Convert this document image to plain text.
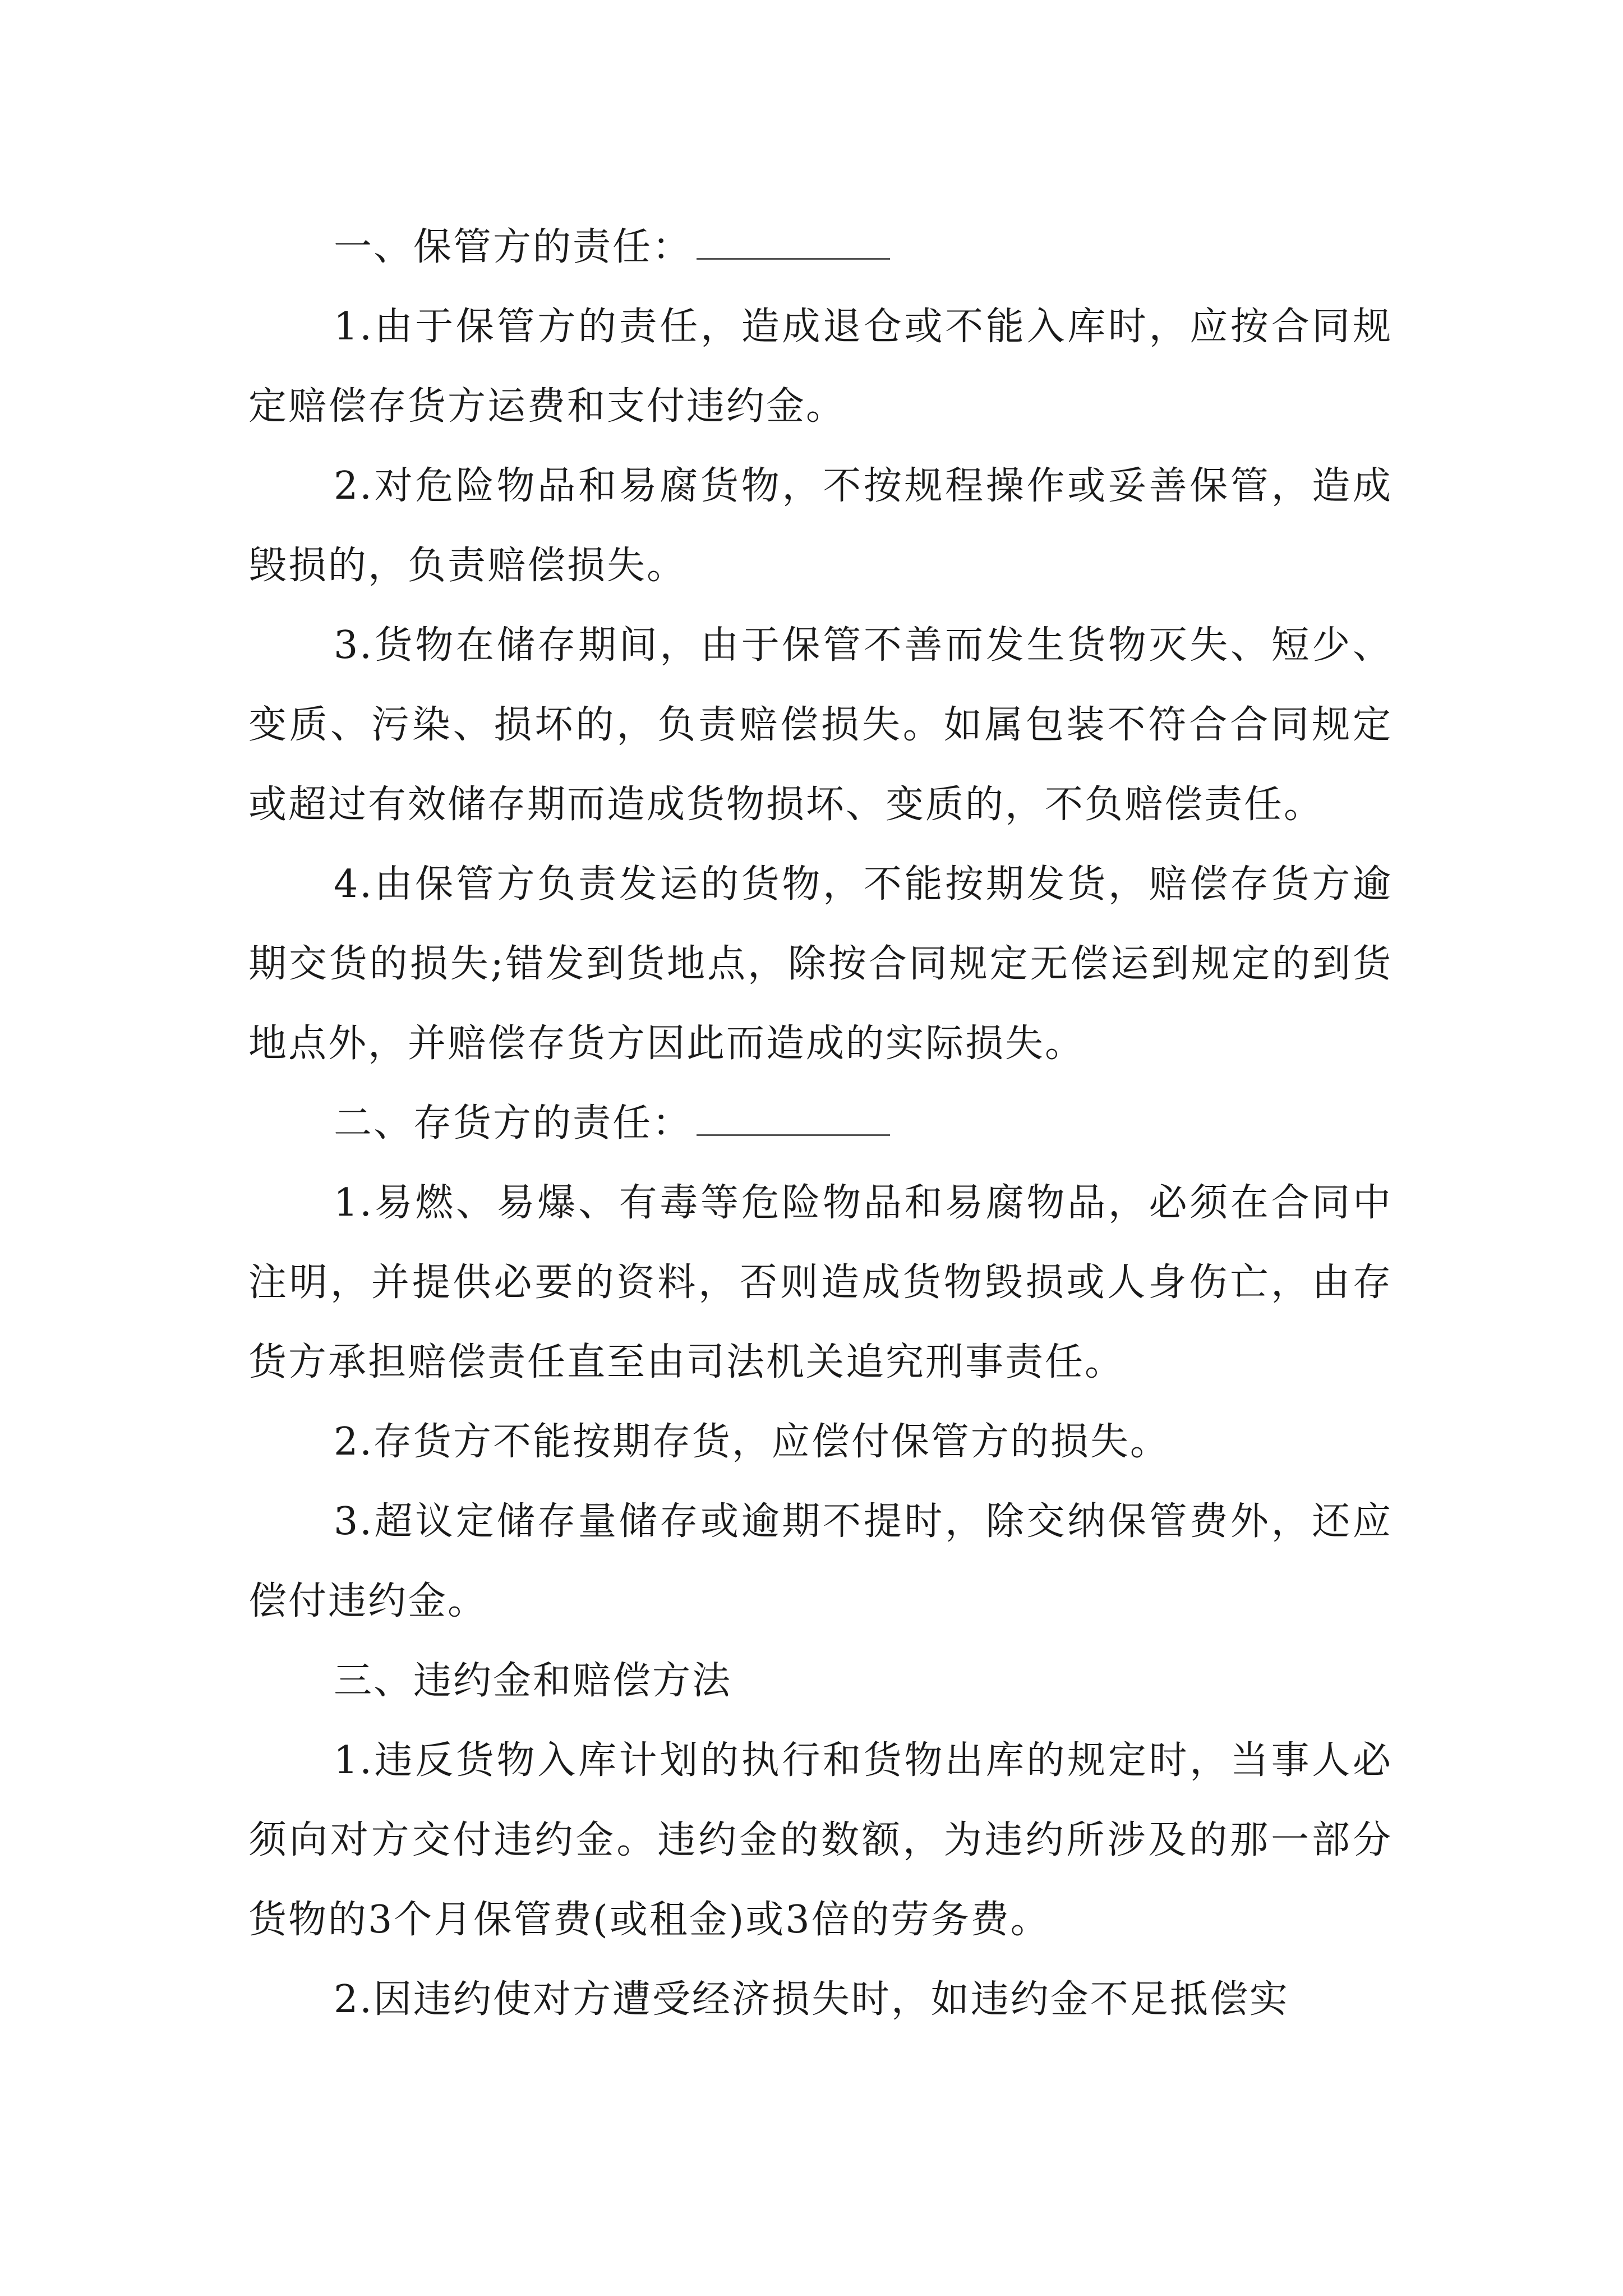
一、保管方的责任：

1.由于保管方的责任，造成退仓或不能入库时，应按合同规定赔偿存货方运费和支付违约金。

2.对危险物品和易腐货物，不按规程操作或妥善保管，造成毁损的，负责赔偿损失。

3.货物在储存期间，由于保管不善而发生货物灭失、短少、变质、污染、损坏的，负责赔偿损失。如属包装不符合合同规定或超过有效储存期而造成货物损坏、变质的，不负赔偿责任。

4.由保管方负责发运的货物，不能按期发货，赔偿存货方逾期交货的损失;错发到货地点，除按合同规定无偿运到规定的到货地点外，并赔偿存货方因此而造成的实际损失。

二、存货方的责任：

1.易燃、易爆、有毒等危险物品和易腐物品，必须在合同中注明，并提供必要的资料，否则造成货物毁损或人身伤亡，由存货方承担赔偿责任直至由司法机关追究刑事责任。

2.存货方不能按期存货，应偿付保管方的损失。

3.超议定储存量储存或逾期不提时，除交纳保管费外，还应偿付违约金。

三、违约金和赔偿方法

1.违反货物入库计划的执行和货物出库的规定时，当事人必须向对方交付违约金。违约金的数额，为违约所涉及的那一部分货物的3个月保管费(或租金)或3倍的劳务费。

2.因违约使对方遭受经济损失时，如违约金不足抵偿实
